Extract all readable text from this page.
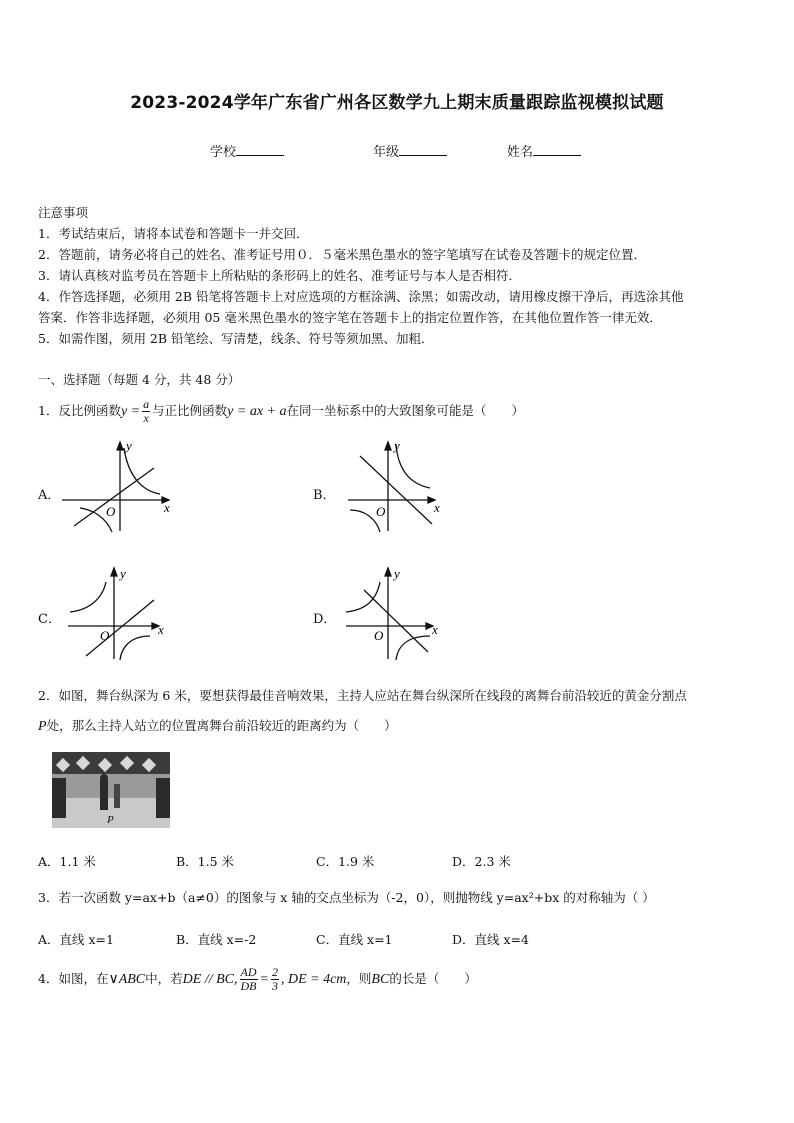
2023-2024学年广东省广州各区数学九上期末质量跟踪监视模拟试题
学校	年级	姓名
注意事项
1．考试结束后，请将本试卷和答题卡一并交回．
2．答题前，请务必将自己的姓名、准考证号用０．５毫米黑色墨水的签字笔填写在试卷及答题卡的规定位置．
3．请认真核对监考员在答题卡上所粘贴的条形码上的姓名、准考证号与本人是否相符．
4．作答选择题，必须用 2B 铅笔将答题卡上对应选项的方框涂满、涂黑；如需改动，请用橡皮擦干净后，再选涂其他
答案．作答非选择题，必须用 05 毫米黑色墨水的签字笔在答题卡上的指定位置作答，在其他位置作答一律无效．
5．如需作图，须用 2B 铅笔绘、写清楚，线条、符号等须加黑、加粗．
一、选择题（每题 4 分，共 48 分）
1．反比例函数$y = \frac{a}{x}$ 与正比例函数y = ax + a在同一坐标系中的大致图象可能是（　　）
A．	B．
C．	D．
O	x
y
O	x
y
O	x
y
O	x
y
2．如图，舞台纵深为 6 米，要想获得最佳音响效果，主持人应站在舞台纵深所在线段的离舞台前沿较近的黄金分割点
P处，那么主持人站立的位置离舞台前沿较近的距离约为（　　）
P
A．1.1 米	B．1.5 米	C．1.9 米	D．2.3 米
3．若一次函数 y=ax+b（a≠0）的图象与 x 轴的交点坐标为（-2，0），则抛物线 y=ax²+bx 的对称轴为（ ）
A．直线 x=1	B．直线 x=-2	C．直线 x=1	D．直线 x=4
4．如图，在∨ABC中，若DE // BC, $\frac{AD}{DB} = \frac{2}{3}$ , DE = 4cm，则BC的长是（　　）
